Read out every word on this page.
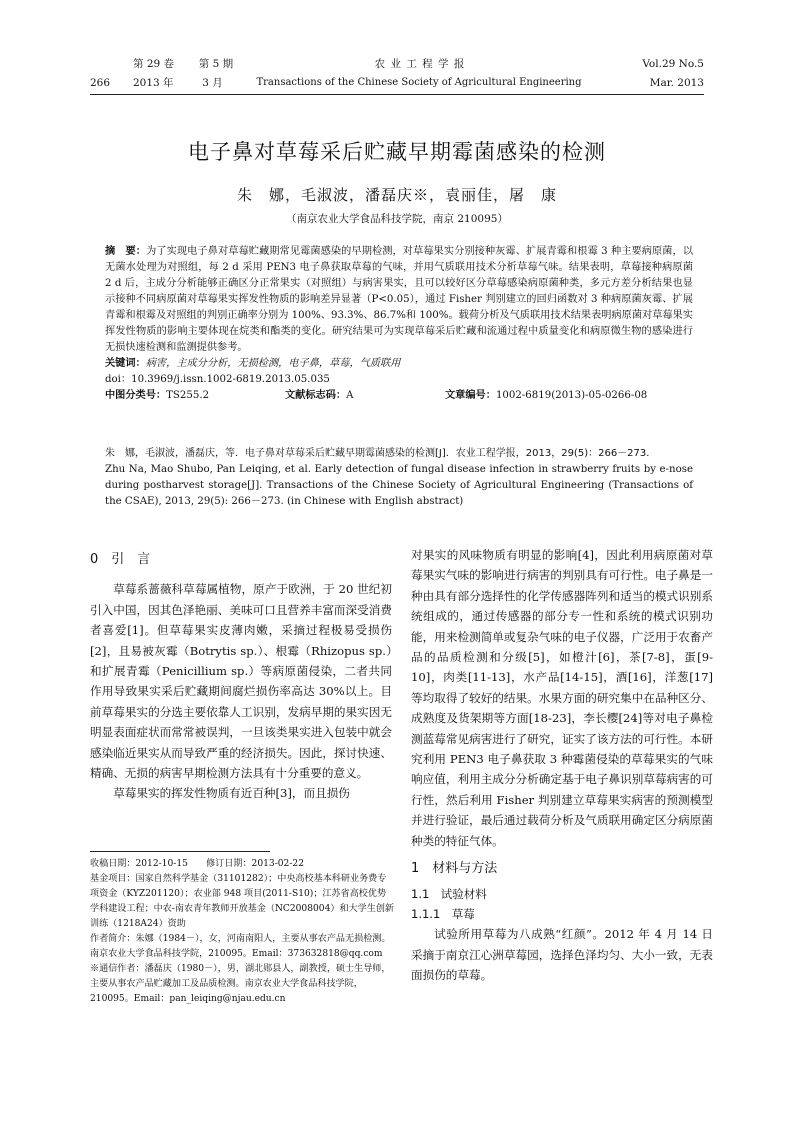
第 29 卷 第 5 期
266 2013 年	3 月
农 业 工 程 学 报
Transactions of the Chinese Society of Agricultural Engineering
Vol.29 No.5
Mar. 2013
电子鼻对草莓采后贮藏早期霉菌感染的检测
朱　娜，毛淑波，潘磊庆※，袁丽佳，屠　康
（南京农业大学食品科技学院，南京 210095）
摘　要：为了实现电子鼻对草莓贮藏期常见霉菌感染的早期检测，对草莓果实分别接种灰霉、扩展青霉和根霉 3 种主要病原菌，以无菌水处理为对照组，每 2 d 采用 PEN3 电子鼻获取草莓的气味，并用气质联用技术分析草莓气味。结果表明，草莓接种病原菌 2 d 后，主成分分析能够正确区分正常果实（对照组）与病害果实，且可以较好区分草莓感染病原菌种类，多元方差分析结果也显示接种不同病原菌对草莓果实挥发性物质的影响差异显著（P<0.05），通过 Fisher 判别建立的回归函数对 3 种病原菌灰霉、扩展青霉和根霉及对照组的判别正确率分别为 100%、93.3%、86.7%和 100%。载荷分析及气质联用技术结果表明病原菌对草莓果实挥发性物质的影响主要体现在烷类和酯类的变化。研究结果可为实现草莓采后贮藏和流通过程中质量变化和病原微生物的感染进行无损快速检测和监测提供参考。
关键词：病害，主成分分析，无损检测，电子鼻，草莓，气质联用
doi：10.3969/j.issn.1002-6819.2013.05.035
中图分类号：TS255.2	文献标志码：A	文章编号：1002-6819(2013)-05-0266-08
朱　娜，毛淑波，潘磊庆，等．电子鼻对草莓采后贮藏早期霉菌感染的检测[J]．农业工程学报，2013，29(5)：266－273．
Zhu Na, Mao Shubo, Pan Leiqing, et al. Early detection of fungal disease infection in strawberry fruits by e-nose during postharvest storage[J]. Transactions of the Chinese Society of Agricultural Engineering (Transactions of the CSAE), 2013, 29(5): 266－273. (in Chinese with English abstract)
0　引　言

草莓系蔷薇科草莓属植物，原产于欧洲，于 20 世纪初引入中国，因其色泽艳丽、美味可口且营养丰富而深受消费者喜爱[1]。但草莓果实皮薄肉嫩，采摘过程极易受损伤[2]，且易被灰霉（Botrytis sp.）、根霉（Rhizopus sp.）和扩展青霉（Penicillium sp.）等病原菌侵染，二者共同作用导致果实采后贮藏期间腐烂损伤率高达 30%以上。目前草莓果实的分选主要依靠人工识别，发病早期的果实因无明显表面症状而常常被误判，一旦该类果实进入包装中就会感染临近果实从而导致严重的经济损失。因此，探讨快速、精确、无损的病害早期检测方法具有十分重要的意义。

草莓果实的挥发性物质有近百种[3]，而且损伤

收稿日期：2012-10-15　　修订日期：2013-02-22
基金项目：国家自然科学基金（31101282）；中央高校基本科研业务费专项资金（KYZ201120）；农业部 948 项目(2011-S10)；江苏省高校优势学科建设工程；中农-南农青年教师开放基金（NC2008004）和大学生创新训练（1218A24）资助
作者简介：朱娜（1984－），女，河南南阳人，主要从事农产品无损检测。南京农业大学食品科技学院，210095。Email：37363281​8@qq.com
※通信作者：潘磊庆（1980－），男，湖北郧县人，副教授，硕士生导师，主要从事农产品贮藏加工及品质检测。南京农业大学食品科技学院，210095。Email：pan_leiqing@njau.edu.cn

对果实的风味物质有明显的影响[4]，因此利用病原菌对草莓果实气味的影响进行病害的判别具有可行性。电子鼻是一种由具有部分选择性的化学传感器阵列和适当的模式识别系统组成的，通过传感器的部分专一性和系统的模式识别功能，用来检测简单或复杂气味的电子仪器，广泛用于农畜产品的品质检测和分级[5]，如橙汁[6]，茶[7-8]，蛋[9-10]，肉类[11-13]，水产品[14-15]，酒[16]，洋葱[17]等均取得了较好的结果。水果方面的研究集中在品种区分、成熟度及货架期等方面[18-23]，李长樱[24]等对电子鼻检测蓝莓常见病害进行了研究，证实了该方法的可行性。本研究利用 PEN3 电子鼻获取 3 种霉菌侵染的草莓果实的气味响应值，利用主成分分析确定基于电子鼻识别草莓病害的可行性，然后利用 Fisher 判别建立草莓果实病害的预测模型并进行验证，最后通过载荷分析及气质联用确定区分病原菌种类的特征气体。

1　材料与方法
1.1　试验材料
1.1.1　草莓

试验所用草莓为八成熟“红颜”。2012 年 4 月 14 日采摘于南京江心洲草莓园，选择色泽均匀、大小一致，无表面损伤的草莓。
